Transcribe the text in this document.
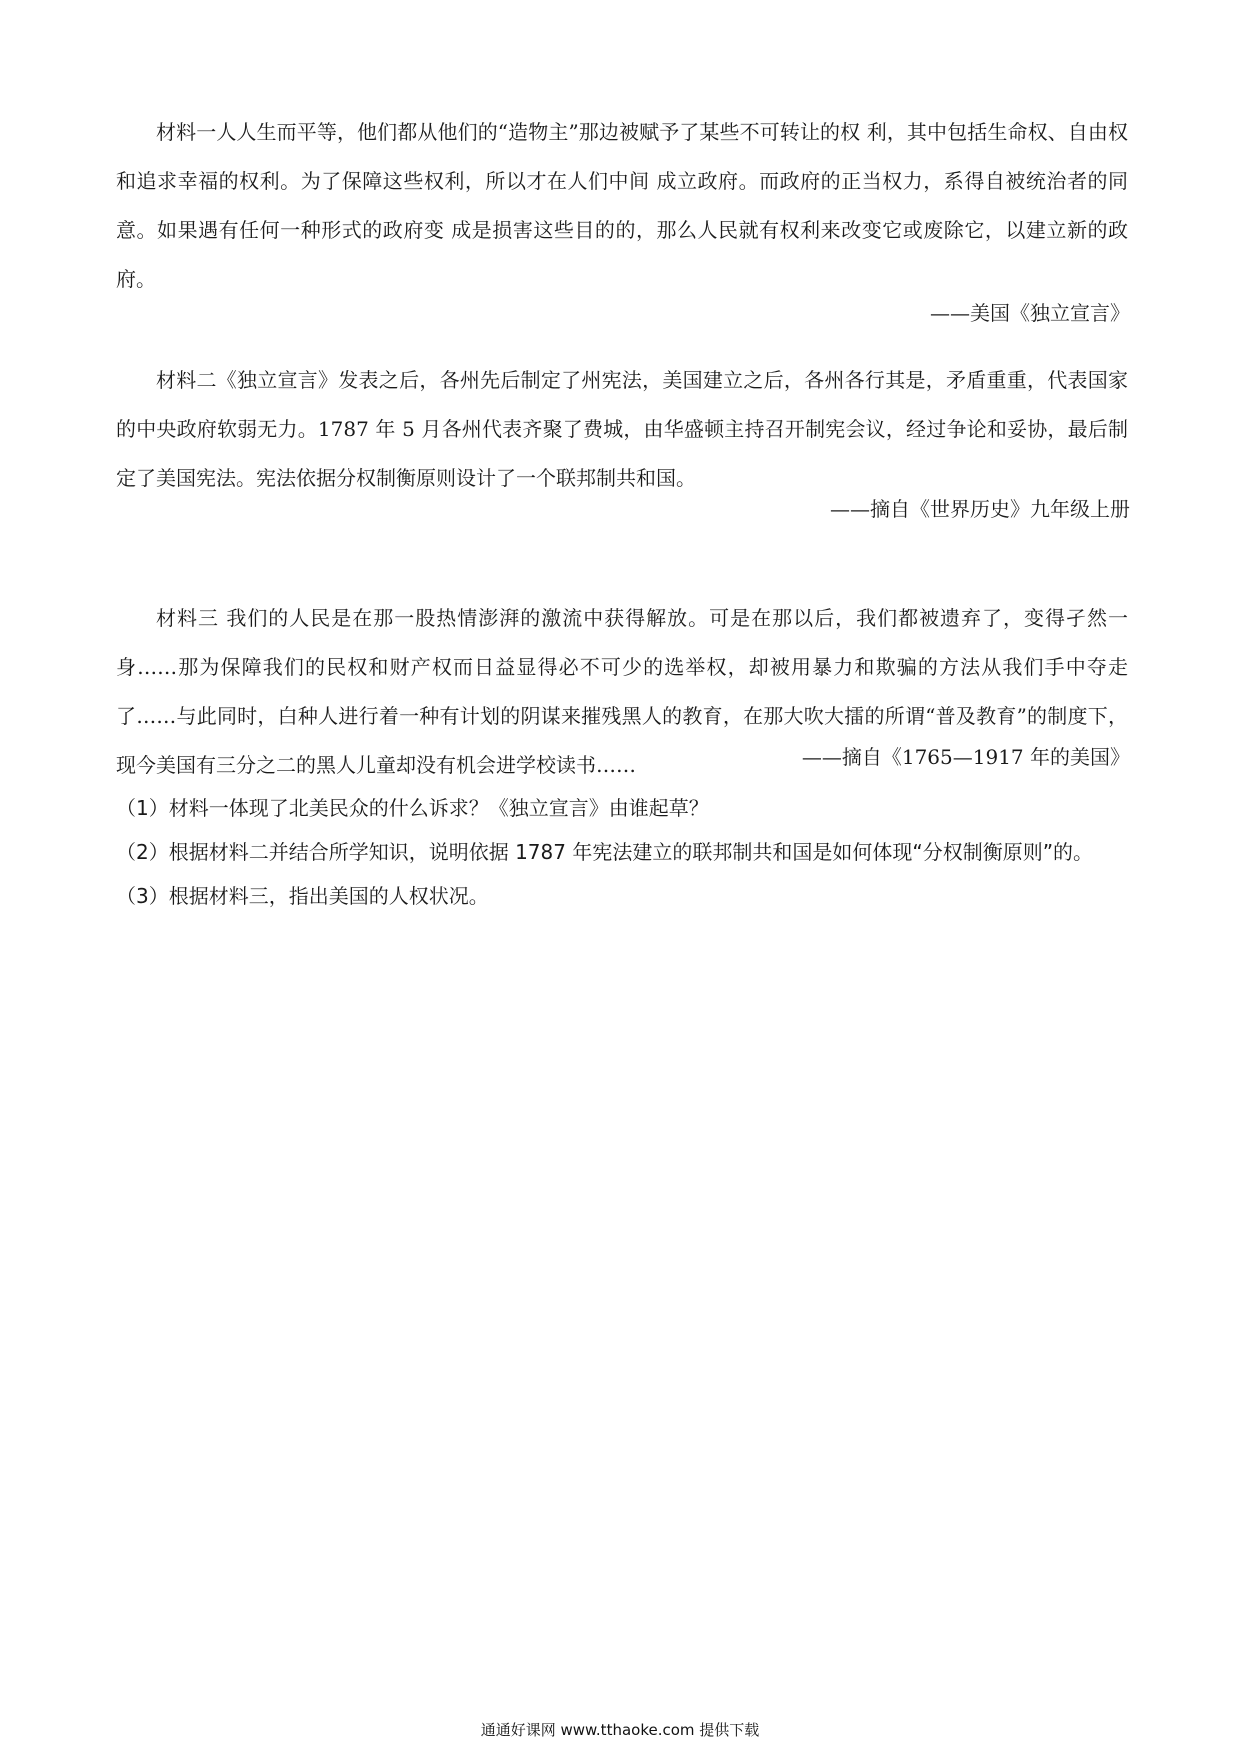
材料一人人生而平等，他们都从他们的“造物主”那边被赋予了某些不可转让的权 利，其中包括生命权、自由权和追求幸福的权利。为了保障这些权利，所以才在人们中间 成立政府。而政府的正当权力，系得自被统治者的同意。如果遇有任何一种形式的政府变 成是损害这些目的的，那么人民就有权利来改变它或废除它，以建立新的政府。

——美国《独立宣言》

材料二《独立宣言》发表之后，各州先后制定了州宪法，美国建立之后，各州各行其是，矛盾重重，代表国家的中央政府软弱无力。1787 年 5 月各州代表齐聚了费城，由华盛顿主持召开制宪会议，经过争论和妥协，最后制定了美国宪法。宪法依据分权制衡原则设计了一个联邦制共和国。

——摘自《世界历史》九年级上册

材料三 我们的人民是在那一股热情澎湃的激流中获得解放。可是在那以后，我们都被遗弃了，变得孑然一身……那为保障我们的民权和财产权而日益显得必不可少的选举权，却被用暴力和欺骗的方法从我们手中夺走了……与此同时，白种人进行着一种有计划的阴谋来摧残黑人的教育，在那大吹大擂的所谓“普及教育”的制度下，现今美国有三分之二的黑人儿童却没有机会进学校读书……	——摘自《1765—1917 年的美国》

（1）材料一体现了北美民众的什么诉求？《独立宣言》由谁起草？

（2）根据材料二并结合所学知识，说明依据 1787 年宪法建立的联邦制共和国是如何体现“分权制衡原则”的。

（3）根据材料三，指出美国的人权状况。

通通好课网 www.tthaoke.com 提供下载
